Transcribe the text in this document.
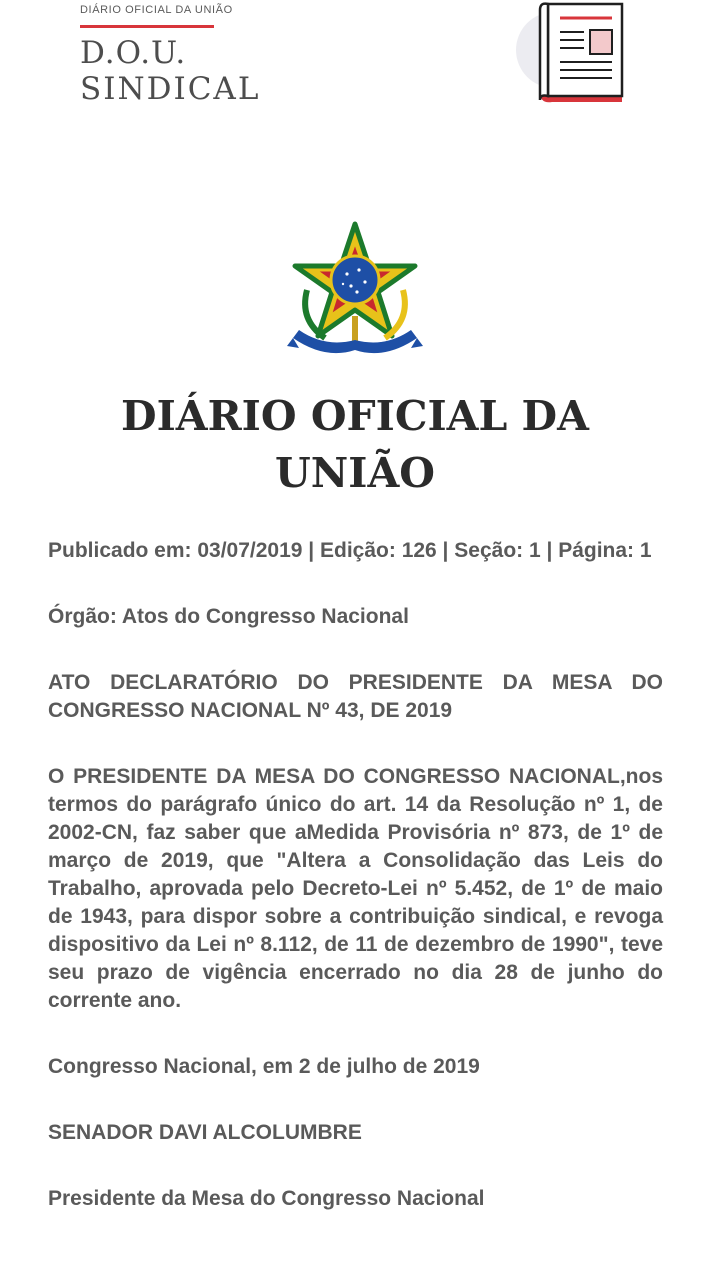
DIÁRIO OFICIAL DA UNIÃO
D.O.U.
SINDICAL
DIÁRIO OFICIAL DA UNIÃO

Publicado em: 03/07/2019 | Edição: 126 | Seção: 1 | Página: 1

Órgão: Atos do Congresso Nacional

ATO DECLARATÓRIO DO PRESIDENTE DA MESA DO CONGRESSO NACIONAL Nº 43, DE 2019

O PRESIDENTE DA MESA DO CONGRESSO NACIONAL,nos termos do parágrafo único do art. 14 da Resolução nº 1, de 2002-CN, faz saber que aMedida Provisória nº 873, de 1º de março de 2019, que "Altera a Consolidação das Leis do Trabalho, aprovada pelo Decreto-Lei nº 5.452, de 1º de maio de 1943, para dispor sobre a contribuição sindical, e revoga dispositivo da Lei nº 8.112, de 11 de dezembro de 1990", teve seu prazo de vigência encerrado no dia 28 de junho do corrente ano.

Congresso Nacional, em 2 de julho de 2019

SENADOR DAVI ALCOLUMBRE

Presidente da Mesa do Congresso Nacional
